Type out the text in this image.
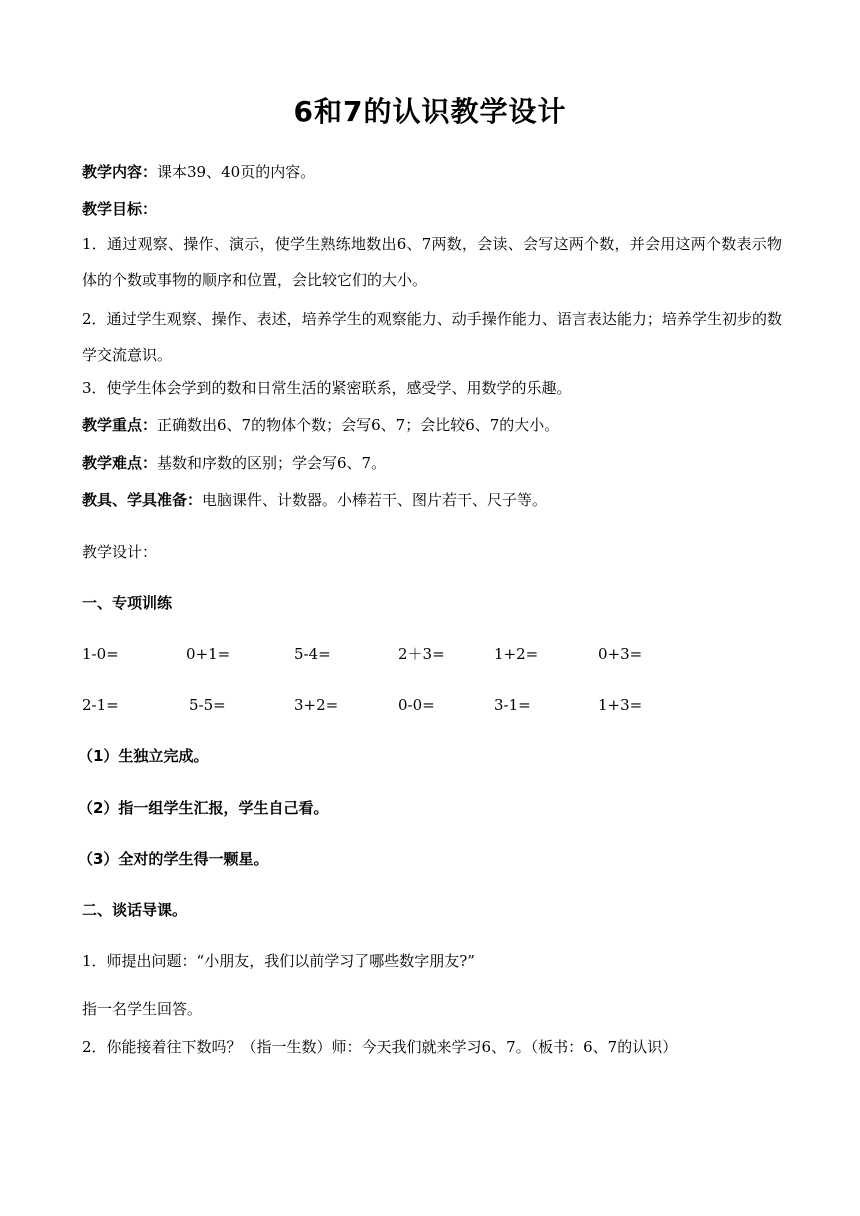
6和7的认识教学设计
教学内容：课本39、40页的内容。
教学目标：
1．通过观察、操作、演示，使学生熟练地数出6、7两数，会读、会写这两个数，并会用这两个数表示物体的个数或事物的顺序和位置，会比较它们的大小。
2．通过学生观察、操作、表述，培养学生的观察能力、动手操作能力、语言表达能力；培养学生初步的数学交流意识。
3．使学生体会学到的数和日常生活的紧密联系，感受学、用数学的乐趣。
教学重点：正确数出6、7的物体个数；会写6、7；会比较6、7的大小。
教学难点：基数和序数的区别；学会写6、7。
教具、学具准备：电脑课件、计数器。小棒若干、图片若干、尺子等。
教学设计：
一、专项训练
1-0=	0+1=	5-4=	2＋3=	1+2=	0+3=
2-1=	5-5=	3+2=	0-0=	3-1=	1+3=
（1）生独立完成。
（2）指一组学生汇报，学生自己看。
（3）全对的学生得一颗星。
二、谈话导课。
1．师提出问题：“小朋友，我们以前学习了哪些数字朋友?”
指一名学生回答。
2．你能接着往下数吗？（指一生数）师：今天我们就来学习6、7。（板书：6、7的认识）
